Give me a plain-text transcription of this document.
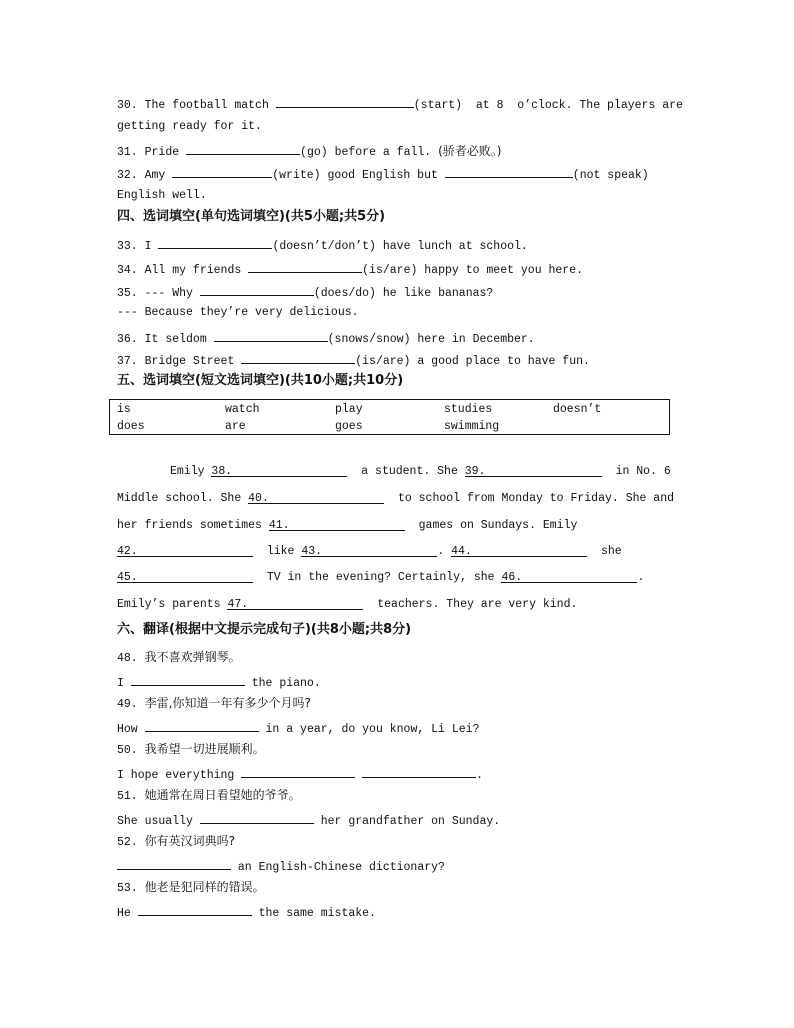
30. The football match	(start) at 8  o’clock. The players are
getting ready for it.
31. Pride	(go) before a fall. (骄者必败。)
32. Amy	(write) good English but	(not speak)
English well.
四、选词填空(单句选词填空)(共5小题;共5分)
33. I	(doesn’t/don’t) have lunch at school.
34. All my friends	(is/are) happy to meet you here.
35. --- Why	(does/do) he like bananas?
--- Because they’re very delicious.
36. It seldom	(snows/snow) here in December.
37. Bridge Street	(is/are) a good place to have fun.
五、选词填空(短文选词填空)(共10小题;共10分)
is	watch	play	studies	doesn’t
does	are	goes	swimming
Emily 38.	a student. She 39.	in No. 6
Middle school. She 40.	to school from Monday to Friday. She and
her friends sometimes 41.	games on Sundays. Emily
42.	like 43.	. 44.	she
45.	TV in the evening? Certainly, she 46.	.
Emily’s parents 47.	teachers. They are very kind.
六、翻译(根据中文提示完成句子)(共8小题;共8分)
48. 我不喜欢弹钢琴。
I	the piano.
49. 李雷,你知道一年有多少个月吗?
How	in a year, do you know, Li Lei?
50. 我希望一切进展顺利。
I hope everything	.
51. 她通常在周日看望她的爷爷。
She usually	her grandfather on Sunday.
52. 你有英汉词典吗?
an English-Chinese dictionary?
53. 他老是犯同样的错误。
He	the same mistake.
